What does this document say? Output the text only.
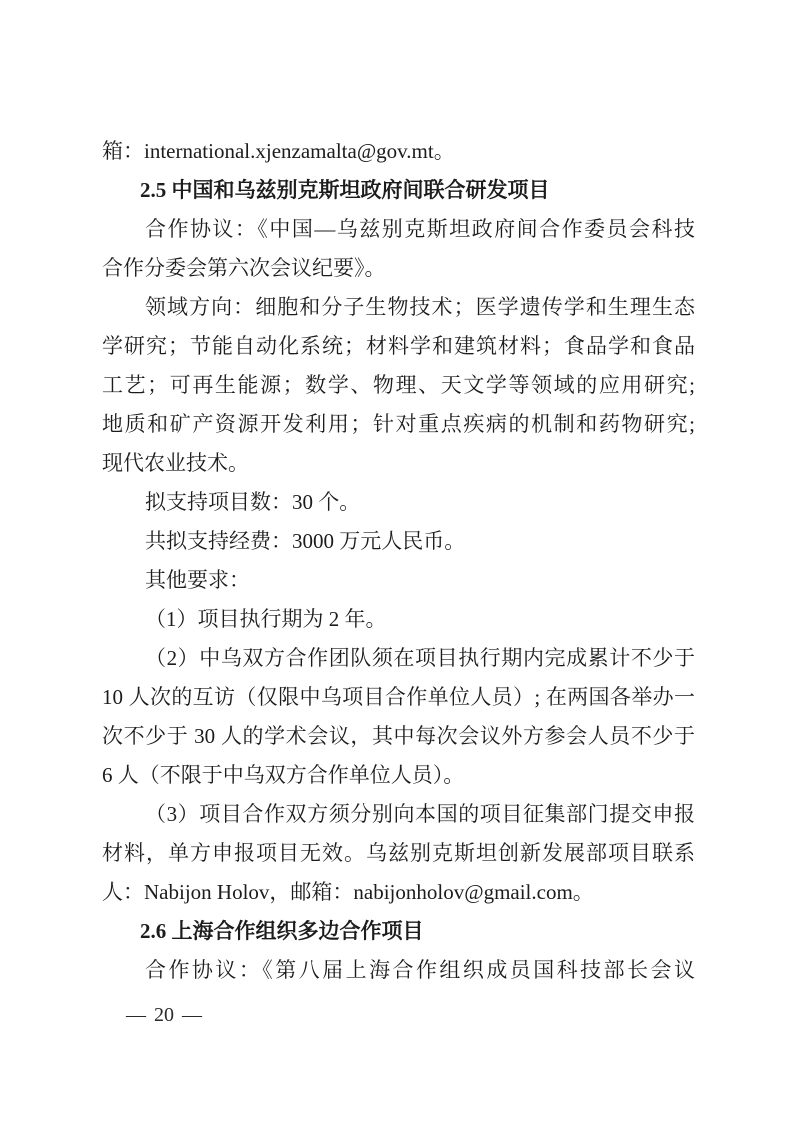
箱：international.xjenzamalta@gov.mt。
2.5 中国和乌兹别克斯坦政府间联合研发项目
合作协议：《中国—乌兹别克斯坦政府间合作委员会科技
合作分委会第六次会议纪要》。
领域方向：细胞和分子生物技术；医学遗传学和生理生态
学研究；节能自动化系统；材料学和建筑材料；食品学和食品
工艺；可再生能源；数学、物理、天文学等领域的应用研究;
地质和矿产资源开发利用；针对重点疾病的机制和药物研究;
现代农业技术。
拟支持项目数：30 个。
共拟支持经费：3000 万元人民币。
其他要求：
（1）项目执行期为 2 年。
（2）中乌双方合作团队须在项目执行期内完成累计不少于
10 人次的互访（仅限中乌项目合作单位人员）; 在两国各举办一
次不少于 30 人的学术会议，其中每次会议外方参会人员不少于
6 人（不限于中乌双方合作单位人员）。
（3）项目合作双方须分别向本国的项目征集部门提交申报
材料，单方申报项目无效。乌兹别克斯坦创新发展部项目联系
人：Nabijon Holov，邮箱：nabijonholov@gmail.com。
2.6 上海合作组织多边合作项目
合作协议：《第八届上海合作组织成员国科技部长会议
— 20 —
